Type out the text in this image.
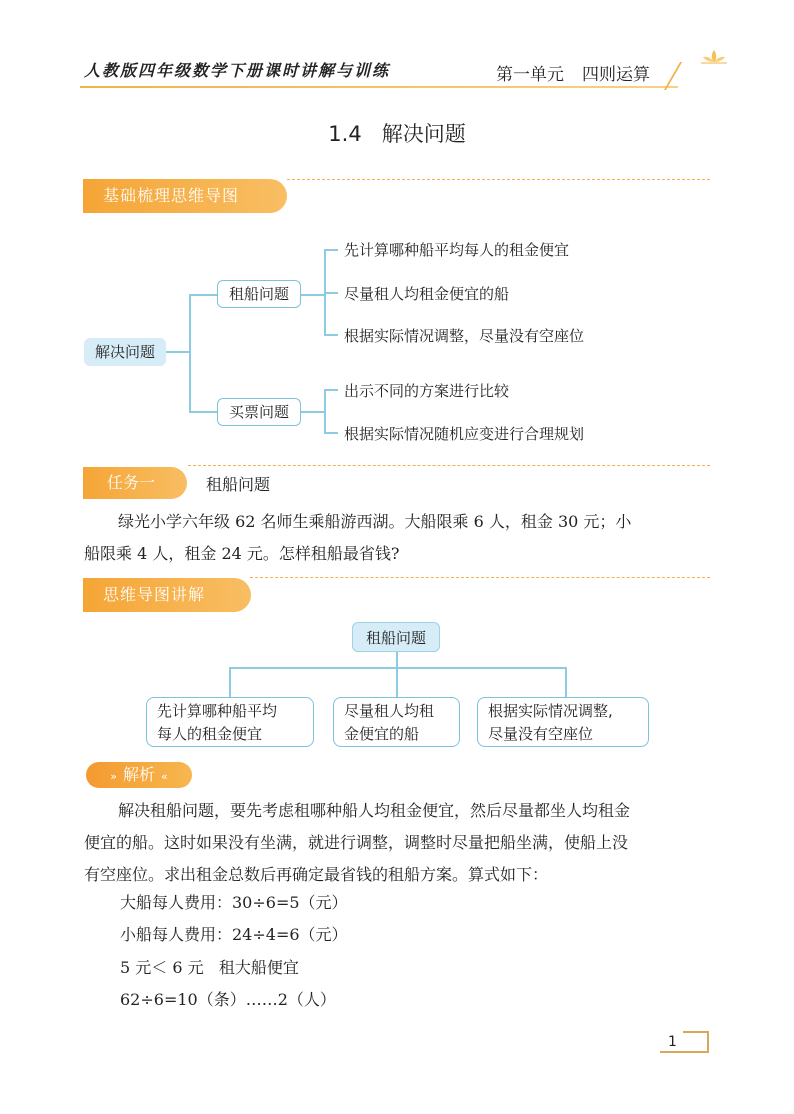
人教版四年级数学下册课时讲解与训练	第一单元 四则运算
1.4   解决问题
基础梳理思维导图
解决问题
租船问题
买票问题
先计算哪种船平均每人的租金便宜
尽量租人均租金便宜的船
根据实际情况调整，尽量没有空座位
出示不同的方案进行比较
根据实际情况随机应变进行合理规划
任务一	租船问题
绿光小学六年级 62 名师生乘船游西湖。大船限乘 6 人，租金 30 元；小
船限乘 4 人，租金 24 元。怎样租船最省钱?
思维导图讲解
租船问题
先计算哪种船平均
每人的租金便宜
尽量租人均租
金便宜的船
根据实际情况调整,
尽量没有空座位
» 解析 «
解决租船问题，要先考虑租哪种船人均租金便宜，然后尽量都坐人均租金
便宜的船。这时如果没有坐满，就进行调整，调整时尽量把船坐满，使船上没
有空座位。求出租金总数后再确定最省钱的租船方案。算式如下：
大船每人费用：30÷6=5（元）
小船每人费用：24÷4=6（元）
5 元＜ 6 元   租大船便宜
62÷6=10（条）……2（人）
1
